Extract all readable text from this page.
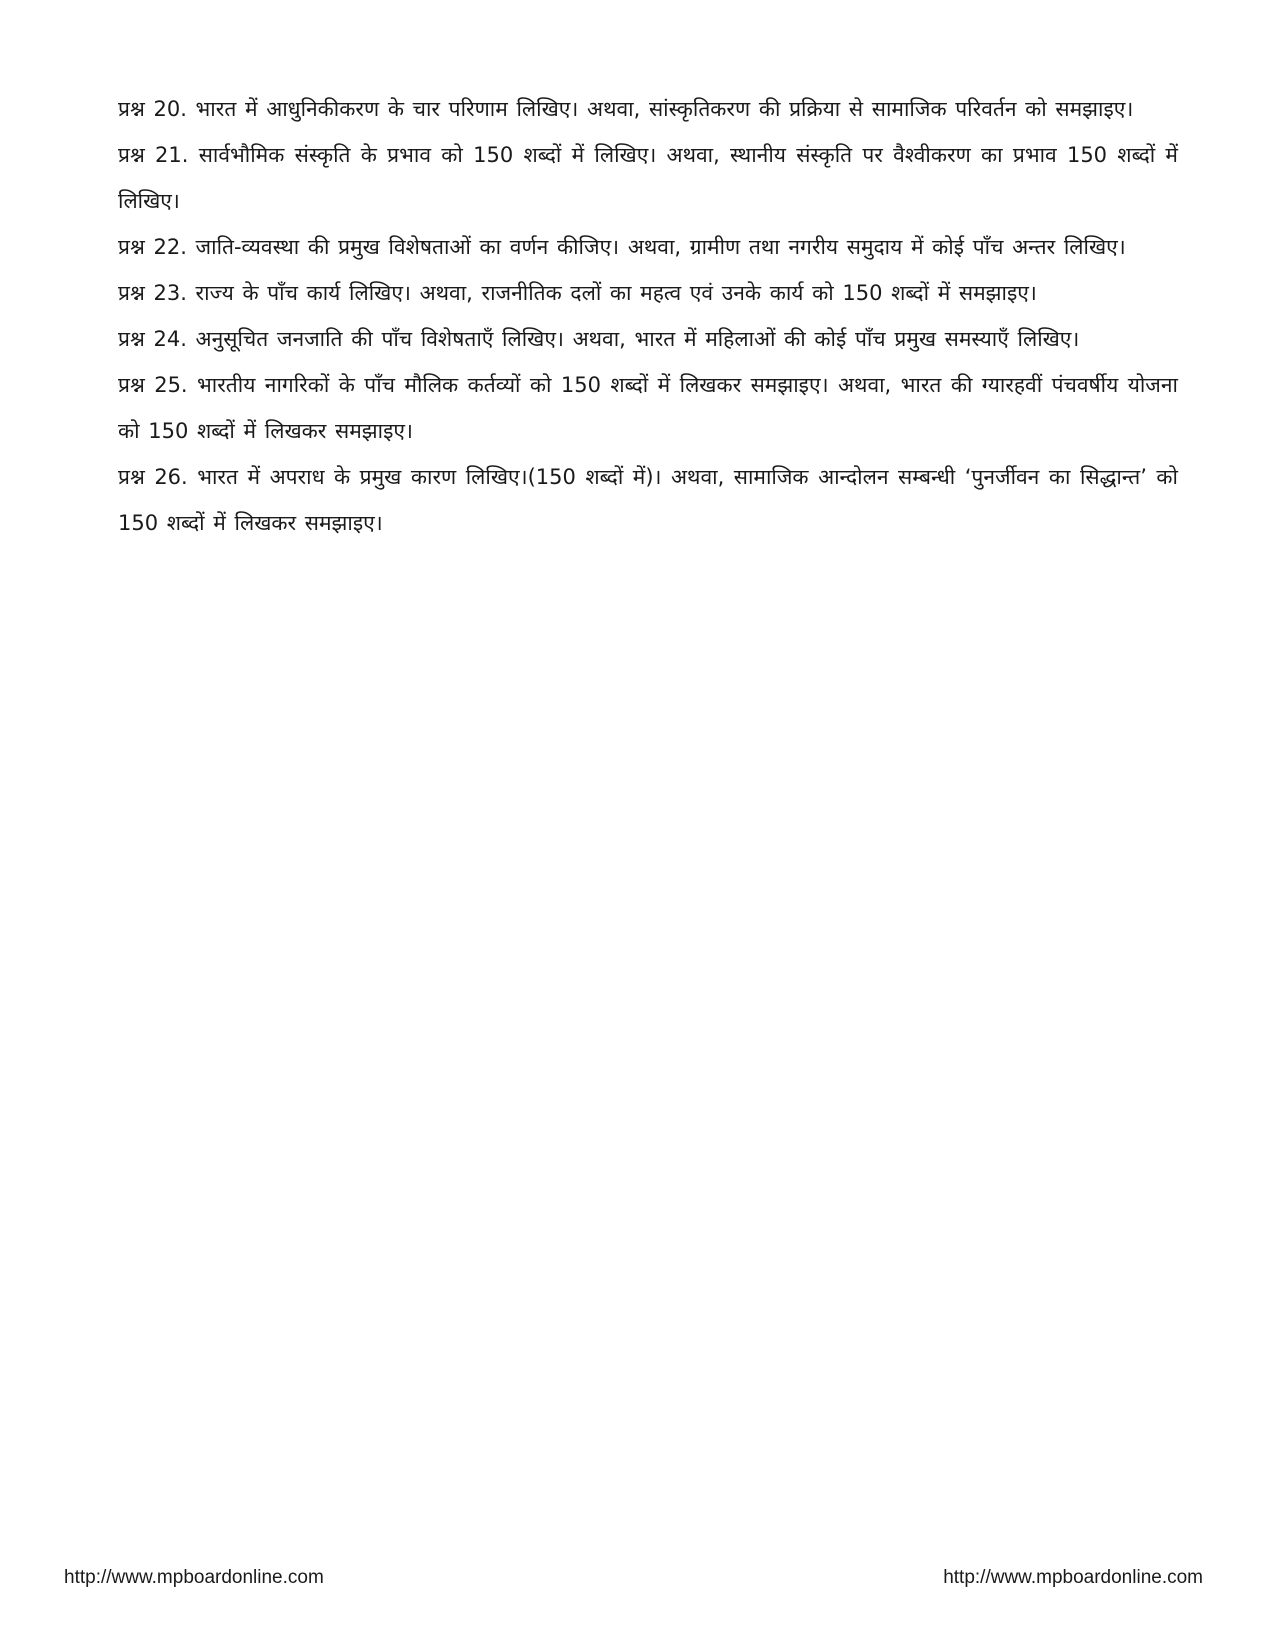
प्रश्न 20. भारत में आधुनिकीकरण के चार परिणाम लिखिए। अथवा, सांस्कृतिकरण की प्रक्रिया से सामाजिक परिवर्तन को समझाइए।

प्रश्न 21. सार्वभौमिक संस्कृति के प्रभाव को 150 शब्दों में लिखिए। अथवा, स्थानीय संस्कृति पर वैश्वीकरण का प्रभाव 150 शब्दों में लिखिए।

प्रश्न 22. जाति-व्यवस्था की प्रमुख विशेषताओं का वर्णन कीजिए। अथवा, ग्रामीण तथा नगरीय समुदाय में कोई पाँच अन्तर लिखिए।

प्रश्न 23. राज्य के पाँच कार्य लिखिए। अथवा, राजनीतिक दलों का महत्व एवं उनके कार्य को 150 शब्दों में समझाइए।

प्रश्न 24. अनुसूचित जनजाति की पाँच विशेषताएँ लिखिए। अथवा, भारत में महिलाओं की कोई पाँच प्रमुख समस्याएँ लिखिए।

प्रश्न 25. भारतीय नागरिकों के पाँच मौलिक कर्तव्यों को 150 शब्दों में लिखकर समझाइए। अथवा, भारत की ग्यारहवीं पंचवर्षीय योजना को 150 शब्दों में लिखकर समझाइए।

प्रश्न 26. भारत में अपराध के प्रमुख कारण लिखिए।(150 शब्दों में)। अथवा, सामाजिक आन्दोलन सम्बन्धी ‘पुनर्जीवन का सिद्धान्त’ को 150 शब्दों में लिखकर समझाइए।

http://www.mpboardonline.com	http://www.mpboardonline.com
